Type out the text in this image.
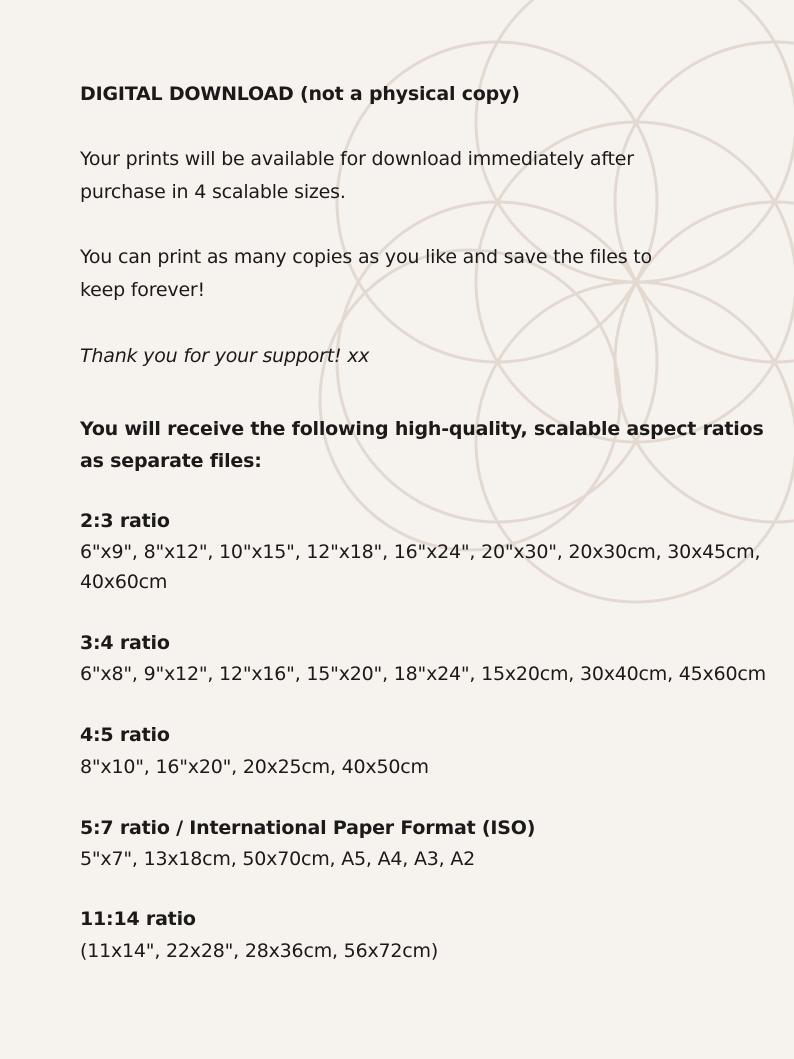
DIGITAL DOWNLOAD (not a physical copy)
Your prints will be available for download immediately after
purchase in 4 scalable sizes.
You can print as many copies as you like and save the files to
keep forever!
Thank you for your support! xx
You will receive the following high-quality, scalable aspect ratios
as separate files:
2:3 ratio
6"x9", 8"x12", 10"x15", 12"x18", 16"x24", 20"x30", 20x30cm, 30x45cm,
40x60cm
3:4 ratio
6"x8", 9"x12", 12"x16", 15"x20", 18"x24", 15x20cm, 30x40cm, 45x60cm
4:5 ratio
8"x10", 16"x20", 20x25cm, 40x50cm
5:7 ratio / International Paper Format (ISO)
5"x7", 13x18cm, 50x70cm, A5, A4, A3, A2
11:14 ratio
(11x14", 22x28", 28x36cm, 56x72cm)
